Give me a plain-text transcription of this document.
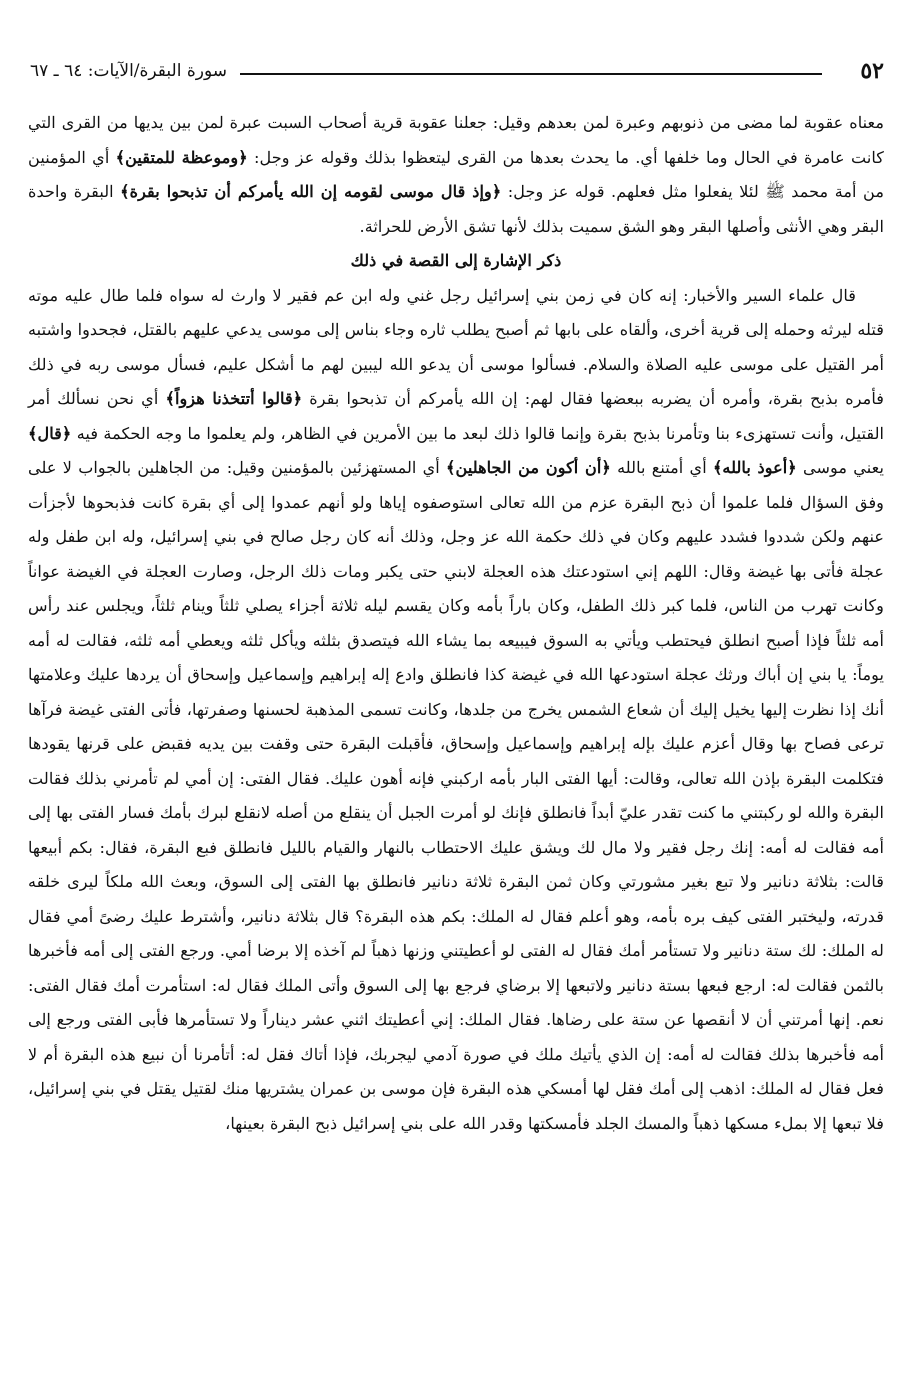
٥٢
سورة البقرة/الآيات: ٦٤ ـ ٦٧

معناه عقوبة لما مضى من ذنوبهم وعبرة لمن بعدهم وقيل: جعلنا عقوبة قرية أصحاب السبت عبرة لمن بين يديها من القرى التي كانت عامرة في الحال وما خلفها أي. ما يحدث بعدها من القرى ليتعظوا بذلك وقوله عز وجل: ﴿وموعظة للمتقين﴾ أي المؤمنين من أمة محمد ﷺ لئلا يفعلوا مثل فعلهم. قوله عز وجل: ﴿وإذ قال موسى لقومه إن الله يأمركم أن تذبحوا بقرة﴾ البقرة واحدة البقر وهي الأنثى وأصلها البقر وهو الشق سميت بذلك لأنها تشق الأرض للحراثة.

ذكر الإشارة إلى القصة في ذلك

قال علماء السير والأخبار: إنه كان في زمن بني إسرائيل رجل غني وله ابن عم فقير لا وارث له سواه فلما طال عليه موته قتله ليرثه وحمله إلى قرية أخرى، وألقاه على بابها ثم أصبح يطلب ثاره وجاء بناس إلى موسى يدعي عليهم بالقتل، فجحدوا واشتبه أمر القتيل على موسى عليه الصلاة والسلام. فسألوا موسى أن يدعو الله ليبين لهم ما أشكل عليم، فسأل موسى ربه في ذلك فأمره بذبح بقرة، وأمره أن يضربه ببعضها فقال لهم: إن الله يأمركم أن تذبحوا بقرة ﴿قالوا أتتخذنا هزواً﴾ أي نحن نسألك أمر القتيل، وأنت تستهزىء بنا وتأمرنا بذبح بقرة وإنما قالوا ذلك لبعد ما بين الأمرين في الظاهر، ولم يعلموا ما وجه الحكمة فيه ﴿قال﴾ يعني موسى ﴿أعوذ بالله﴾ أي أمتنع بالله ﴿أن أكون من الجاهلين﴾ أي المستهزئين بالمؤمنين وقيل: من الجاهلين بالجواب لا على وفق السؤال فلما علموا أن ذبح البقرة عزم من الله تعالى استوصفوه إياها ولو أنهم عمدوا إلى أي بقرة كانت فذبحوها لأجزأت عنهم ولكن شددوا فشدد عليهم وكان في ذلك حكمة الله عز وجل، وذلك أنه كان رجل صالح في بني إسرائيل، وله ابن طفل وله عجلة فأتى بها غيضة وقال: اللهم إني استودعتك هذه العجلة لابني حتى يكبر ومات ذلك الرجل، وصارت العجلة في الغيضة عواناً وكانت تهرب من الناس، فلما كبر ذلك الطفل، وكان باراً بأمه وكان يقسم ليله ثلاثة أجزاء يصلي ثلثاً وينام ثلثاً، ويجلس عند رأس أمه ثلثاً فإذا أصبح انطلق فيحتطب ويأتي به السوق فيبيعه بما يشاء الله فيتصدق بثلثه ويأكل ثلثه ويعطي أمه ثلثه، فقالت له أمه يوماً: يا بني إن أباك ورثك عجلة استودعها الله في غيضة كذا فانطلق وادع إله إبراهيم وإسماعيل وإسحاق أن يردها عليك وعلامتها أنك إذا نظرت إليها يخيل إليك أن شعاع الشمس يخرج من جلدها، وكانت تسمى المذهبة لحسنها وصفرتها، فأتى الفتى غيضة فرآها ترعى فصاح بها وقال أعزم عليك بإله إبراهيم وإسماعيل وإسحاق، فأقبلت البقرة حتى وقفت بين يديه فقبض على قرنها يقودها فتكلمت البقرة بإذن الله تعالى، وقالت: أيها الفتى البار بأمه اركبني فإنه أهون عليك. فقال الفتى: إن أمي لم تأمرني بذلك فقالت البقرة والله لو ركبتني ما كنت تقدر عليّ أبداً فانطلق فإنك لو أمرت الجبل أن ينقلع من أصله لانقلع لبرك بأمك فسار الفتى بها إلى أمه فقالت له أمه: إنك رجل فقير ولا مال لك ويشق عليك الاحتطاب بالنهار والقيام بالليل فانطلق فبع البقرة، فقال: بكم أبيعها قالت: بثلاثة دنانير ولا تبع بغير مشورتي وكان ثمن البقرة ثلاثة دنانير فانطلق بها الفتى إلى السوق، وبعث الله ملكاً ليرى خلقه قدرته، وليختبر الفتى كيف بره بأمه، وهو أعلم فقال له الملك: بكم هذه البقرة؟ قال بثلاثة دنانير، وأشترط عليك رضىً أمي فقال له الملك: لك ستة دنانير ولا تستأمر أمك فقال له الفتى لو أعطيتني وزنها ذهباً لم آخذه إلا برضا أمي. ورجع الفتى إلى أمه فأخبرها بالثمن فقالت له: ارجع فبعها بستة دنانير ولاتبعها إلا برضاي فرجع بها إلى السوق وأتى الملك فقال له: استأمرت أمك فقال الفتى: نعم. إنها أمرتني أن لا أنقصها عن ستة على رضاها. فقال الملك: إني أعطيتك اثني عشر ديناراً ولا تستأمرها فأبى الفتى ورجع إلى أمه فأخبرها بذلك فقالت له أمه: إن الذي يأتيك ملك في صورة آدمي ليجربك، فإذا أتاك فقل له: أتأمرنا أن نبيع هذه البقرة أم لا فعل فقال له الملك: اذهب إلى أمك فقل لها أمسكي هذه البقرة فإن موسى بن عمران يشتريها منك لقتيل يقتل في بني إسرائيل، فلا تبعها إلا بملء مسكها ذهباً والمسك الجلد فأمسكتها وقدر الله على بني إسرائيل ذبح البقرة بعينها،
